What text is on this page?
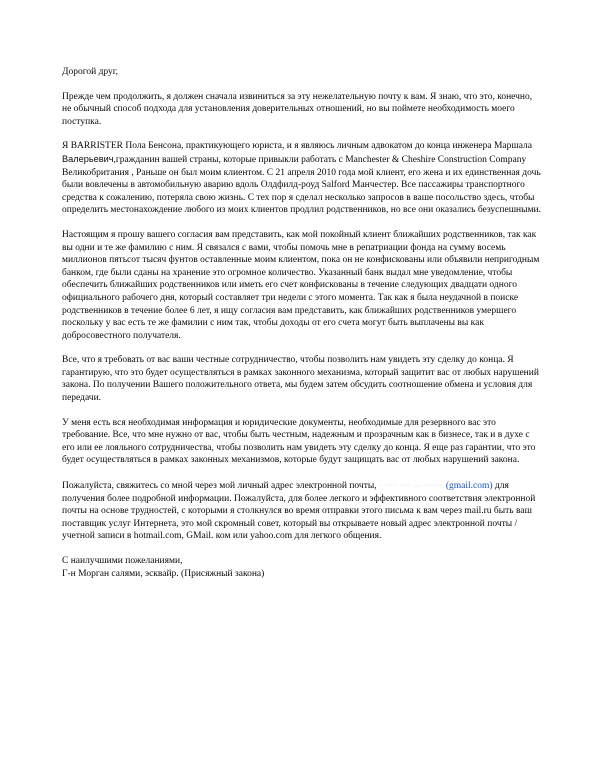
Дорогой друг,

Прежде чем продолжить, я должен сначала извиниться за эту нежелательную почту к вам. Я знаю, что это, конечно, не обычный способ подхода для установления доверительных отношений, но вы поймете необходимость моего поступка.

Я BARRISTER Пола Бенсона, практикующего юриста, и я являюсь личным адвокатом до конца инженера Маршала Валерьевич,гражданин вашей страны, которые привыкли работать с Manchester & Cheshire Construction Company Великобритания , Раньше он был моим клиентом. С 21 апреля 2010 года мой клиент, его жена и их единственная дочь были вовлечены в автомобильную аварию вдоль Олдфилд-роуд Salford Манчестер. Все пассажиры транспортного средства к сожалению, потеряла свою жизнь. С тех пор я сделал несколько запросов в ваше посольство здесь, чтобы определить местонахождение любого из моих клиентов продлил родственников, но все они оказались безуспешными.

Настоящим я прошу вашего согласия вам представить, как мой покойный клиент ближайших родственников, так как вы одни и те же фамилию с ним. Я связался с вами, чтобы помочь мне в репатриации фонда на сумму восемь миллионов пятьсот тысяч фунтов оставленные моим клиентом, пока он не конфискованы или объявили непригодным банком, где были сданы на хранение это огромное количество. Указанный банк выдал мне уведомление, чтобы обеспечить ближайших родственников или иметь его счет конфискованы в течение следующих двадцати одного официального рабочего дня, который составляет три недели с этого момента. Так как я была неудачной в поиске родственников в течение более 6 лет, я ищу согласия вам представить, как ближайших родственников умершего поскольку у вас есть те же фамилии с ним так, чтобы доходы от его счета могут быть выплачены вы как добросовестного получателя.

Все, что я требовать от вас ваши честные сотрудничество, чтобы позволить нам увидеть эту сделку до конца. Я гарантирую, что это будет осуществляться в рамках законного механизма, который защитит вас от любых нарушений закона. По получении Вашего положительного ответа, мы будем затем обсудить соотношение обмена и условия для передачи.

У меня есть вся необходимая информация и юридические документы, необходимые для резервного вас это требование. Все, что мне нужно от вас, чтобы быть честным, надежным и прозрачным как в бизнесе, так и в духе с его или ее лояльного сотрудничества, чтобы позволить нам увидеть эту сделку до конца. Я еще раз гарантии, что это будет осуществляться в рамках законных механизмов, которые будут защищать вас от любых нарушений закона.

Пожалуйста, свяжитесь со мной через мой личный адрес электронной почты, · ··· ··· ‒ ····· (gmail.com) для получения более подробной информации. Пожалуйста, для более легкого и эффективного соответствия электронной почты на основе трудностей, с которыми я столкнулся во время отправки этого письма к вам через mail.ru быть ваш поставщик услуг Интернета, это мой скромный совет, который вы открываете новый адрес электронной почты / учетной записи в hotmail.com, GMail. ком или yahoo.com для легкого общения.

С наилучшими пожеланиями,

Г-н Морган салями, эсквайр. (Присяжный закона)
